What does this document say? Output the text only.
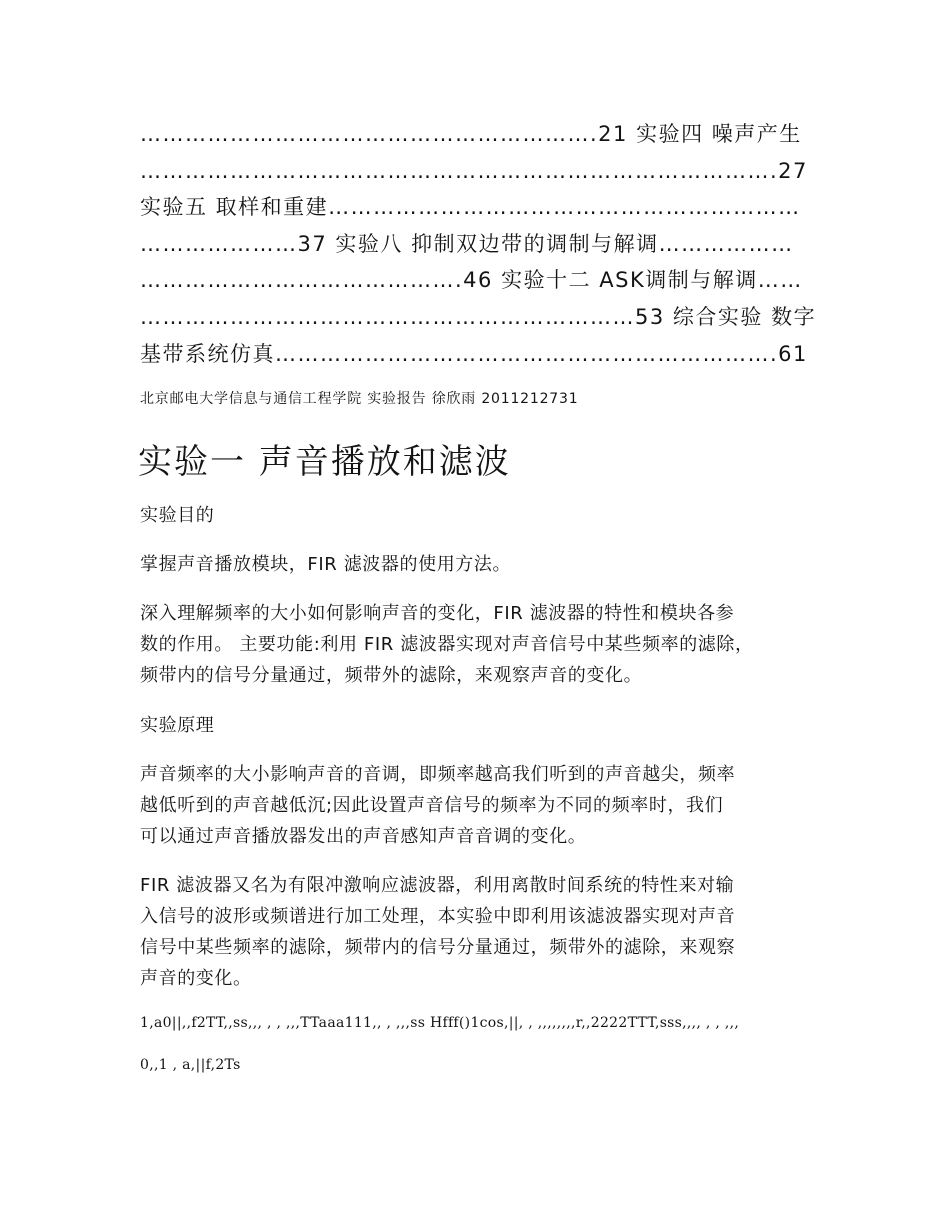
…………………………………………………….21 实验四 噪声产生
………………………………………………………………………….27
实验五 取样和重建………………………………………………………
…………………37 实验八 抑制双边带的调制与解调………………
…………………………………….46 实验十二 ASK调制与解调……
…………………………………………………………53 综合实验 数字
基带系统仿真………………………………………………………….61
北京邮电大学信息与通信工程学院 实验报告 徐欣雨 2011212731
实验一 声音播放和滤波
实验目的
掌握声音播放模块，FIR 滤波器的使用方法。
深入理解频率的大小如何影响声音的变化，FIR 滤波器的特性和模块各参
数的作用。 主要功能:利用 FIR 滤波器实现对声音信号中某些频率的滤除，
频带内的信号分量通过，频带外的滤除，来观察声音的变化。
实验原理
声音频率的大小影响声音的音调，即频率越高我们听到的声音越尖，频率
越低听到的声音越低沉;因此设置声音信号的频率为不同的频率时，我们
可以通过声音播放器发出的声音感知声音音调的变化。
FIR 滤波器又名为有限冲激响应滤波器，利用离散时间系统的特性来对输
入信号的波形或频谱进行加工处理，本实验中即利用该滤波器实现对声音
信号中某些频率的滤除，频带内的信号分量通过，频带外的滤除，来观察
声音的变化。
1,a0||,,f2TT,,ss,,, , , ,,,TTaaa111,, , ,,,ss Hfff()1cos,||, , ,,,,,,,,r,,2222TTT,sss,,,, , , ,,,
0,,1 , a,||f,2Ts
